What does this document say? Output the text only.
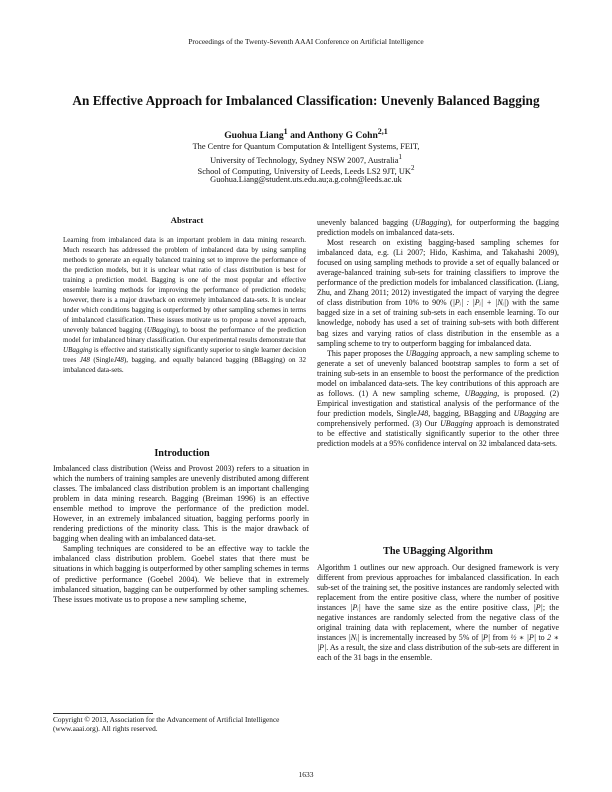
Proceedings of the Twenty-Seventh AAAI Conference on Artificial Intelligence
An Effective Approach for Imbalanced Classification: Unevenly Balanced Bagging
Guohua Liang$^1$ and Anthony G Cohn$^{2,1}$
The Centre for Quantum Computation & Intelligent Systems, FEIT,
University of Technology, Sydney NSW 2007, Australia$^1$
School of Computing, University of Leeds, Leeds LS2 9JT, $UK^2$
Guohua.Liang@student.uts.edu.au;a.g.cohn@leeds.ac.uk
Abstract
Learning from imbalanced data is an important problem in data mining research. Much research has addressed the problem of imbalanced data by using sampling methods to generate an equally balanced training set to improve the performance of the prediction models, but it is unclear what ratio of class distribution is best for training a prediction model. Bagging is one of the most popular and effective ensemble learning methods for improving the performance of prediction models; however, there is a major drawback on extremely imbalanced data-sets. It is unclear under which conditions bagging is outperformed by other sampling schemes in terms of imbalanced classification. These issues motivate us to propose a novel approach, unevenly balanced bagging (UBagging), to boost the performance of the prediction model for imbalanced binary classification. Our experimental results demonstrate that UBagging is effective and statistically significantly superior to single learner decision trees J48 (SingleJ48), bagging, and equally balanced bagging (BBagging) on 32 imbalanced data-sets.
Introduction

Imbalanced class distribution (Weiss and Provost 2003) refers to a situation in which the numbers of training samples are unevenly distributed among different classes. The imbalanced class distribution problem is an important challenging problem in data mining research. Bagging (Breiman 1996) is an effective ensemble method to improve the performance of the prediction model. However, in an extremely imbalanced situation, bagging performs poorly in rendering predictions of the minority class. This is the major drawback of bagging when dealing with an imbalanced data-set.

Sampling techniques are considered to be an effective way to tackle the imbalanced class distribution problem. Goebel states that there must be situations in which bagging is outperformed by other sampling schemes in terms of predictive performance (Goebel 2004). We believe that in extremely imbalanced situation, bagging can be outperformed by other sampling schemes. These issues motivate us to propose a new sampling scheme,

unevenly balanced bagging (UBagging), for outperforming the bagging prediction models on imbalanced data-sets.

Most research on existing bagging-based sampling schemes for imbalanced data, e.g. (Li 2007; Hido, Kashima, and Takahashi 2009), focused on using sampling methods to provide a set of equally balanced or average-balanced training sub-sets for training classifiers to improve the performance of the prediction models for imbalanced classification. (Liang, Zhu, and Zhang 2011; 2012) investigated the impact of varying the degree of class distribution from 10% to 90% (|Pᵢ| : |Pᵢ| + |Nᵢ|) with the same bagged size in a set of training sub-sets in each ensemble learning. To our knowledge, nobody has used a set of training sub-sets with both different bag sizes and varying ratios of class distribution in the ensemble as a sampling scheme to try to outperform bagging for imbalanced data.

This paper proposes the UBagging approach, a new sampling scheme to generate a set of unevenly balanced bootstrap samples to form a set of training sub-sets in an ensemble to boost the performance of the prediction model on imbalanced data-sets. The key contributions of this approach are as follows. (1) A new sampling scheme, UBagging, is proposed. (2) Empirical investigation and statistical analysis of the performance of the four prediction models, SingleJ48, bagging, BBagging and UBagging are comprehensively performed. (3) Our UBagging approach is demonstrated to be effective and statistically significantly superior to the other three prediction models at a 95% confidence interval on 32 imbalanced data-sets.

The UBagging Algorithm

Algorithm 1 outlines our new approach. Our designed framework is very different from previous approaches for imbalanced classification. In each sub-set of the training set, the positive instances are randomly selected with replacement from the entire positive class, where the number of positive instances |Pᵢ| have the same size as the entire positive class, |P|; the negative instances are randomly selected from the negative class of the original training data with replacement, where the number of negative instances |Nᵢ| is incrementally increased by 5% of |P| from ½ ∗ |P| to 2 ∗ |P|. As a result, the size and class distribution of the sub-sets are different in each of the 31 bags in the ensemble.

Copyright © 2013, Association for the Advancement of Artificial Intelligence (www.aaai.org). All rights reserved.
1633
